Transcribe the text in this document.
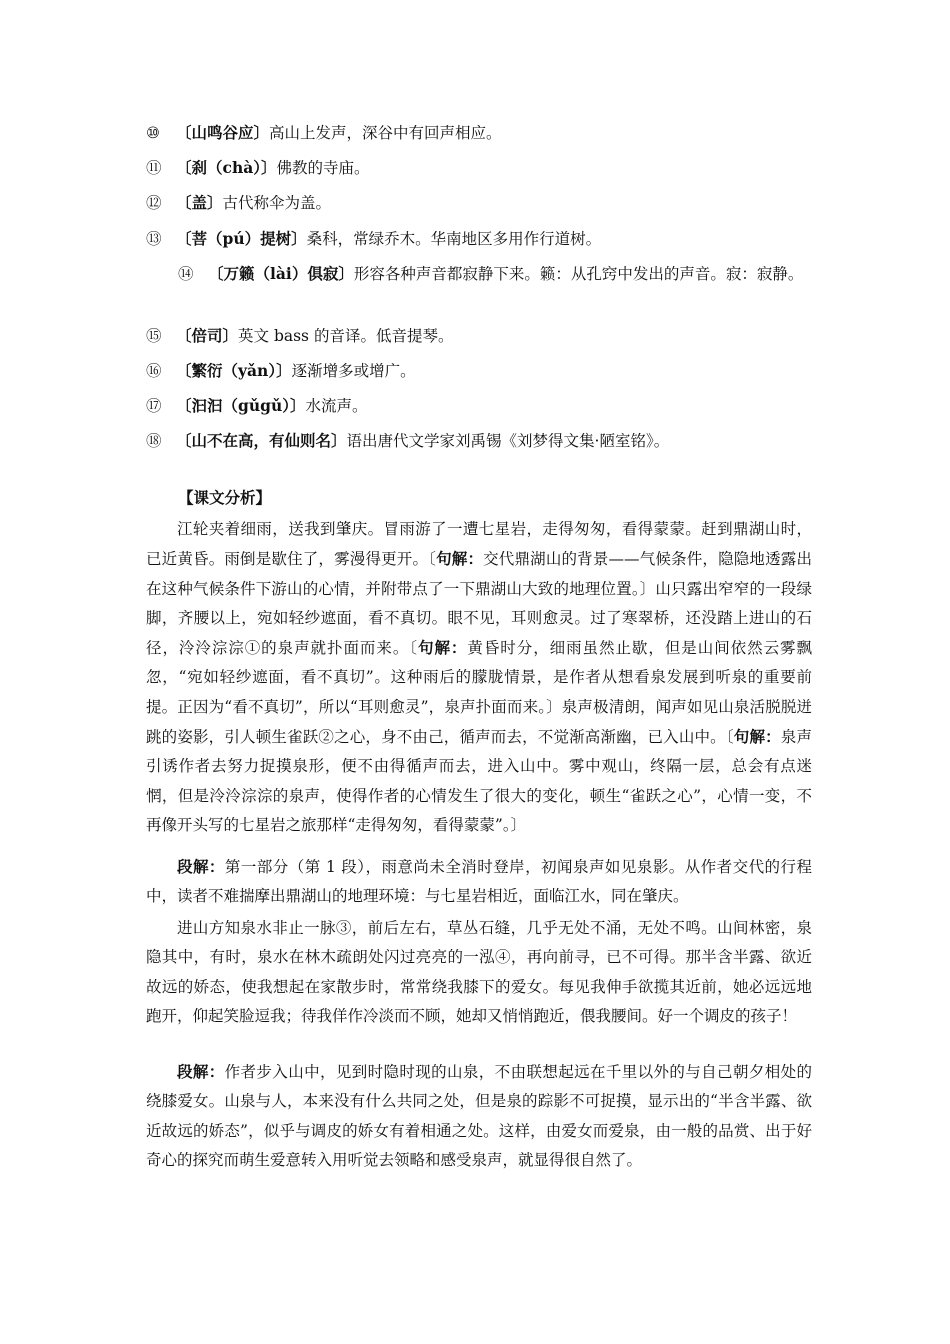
⑩ 〔山鸣谷应〕高山上发声，深谷中有回声相应。

⑪ 〔刹（chà）〕佛教的寺庙。

⑫ 〔盖〕古代称伞为盖。

⑬ 〔菩（pú）提树〕桑科，常绿乔木。华南地区多用作行道树。

⑭ 〔万籁（lài）俱寂〕形容各种声音都寂静下来。籁：从孔窍中发出的声音。寂：寂静。

⑮ 〔倍司〕英文 bass 的音译。低音提琴。

⑯ 〔繁衍（yǎn）〕逐渐增多或增广。

⑰ 〔汩汩（gǔgǔ）〕水流声。

⑱ 〔山不在高，有仙则名〕语出唐代文学家刘禹锡《刘梦得文集·陋室铭》。

【课文分析】

江轮夹着细雨，送我到肇庆。冒雨游了一遭七星岩，走得匆匆，看得蒙蒙。赶到鼎湖山时，已近黄昏。雨倒是歇住了，雾漫得更开。〔句解：交代鼎湖山的背景——气候条件，隐隐地透露出在这种气候条件下游山的心情，并附带点了一下鼎湖山大致的地理位置。〕山只露出窄窄的一段绿脚，齐腰以上，宛如轻纱遮面，看不真切。眼不见，耳则愈灵。过了寒翠桥，还没踏上进山的石径，泠泠淙淙①的泉声就扑面而来。〔句解：黄昏时分，细雨虽然止歇，但是山间依然云雾飘忽，“宛如轻纱遮面，看不真切”。这种雨后的朦胧情景，是作者从想看泉发展到听泉的重要前提。正因为“看不真切”，所以“耳则愈灵”，泉声扑面而来。〕泉声极清朗，闻声如见山泉活脱脱迸跳的姿影，引人顿生雀跃②之心，身不由己，循声而去，不觉渐高渐幽，已入山中。〔句解：泉声引诱作者去努力捉摸泉形，便不由得循声而去，进入山中。雾中观山，终隔一层，总会有点迷惘，但是泠泠淙淙的泉声，使得作者的心情发生了很大的变化，顿生“雀跃之心”，心情一变，不再像开头写的七星岩之旅那样“走得匆匆，看得蒙蒙”。〕

段解：第一部分（第 1 段），雨意尚未全消时登岸，初闻泉声如见泉影。从作者交代的行程中，读者不难揣摩出鼎湖山的地理环境：与七星岩相近，面临江水，同在肇庆。

进山方知泉水非止一脉③，前后左右，草丛石缝，几乎无处不涌，无处不鸣。山间林密，泉隐其中，有时，泉水在林木疏朗处闪过亮亮的一泓④，再向前寻，已不可得。那半含半露、欲近故远的娇态，使我想起在家散步时，常常绕我膝下的爱女。每见我伸手欲揽其近前，她必远远地跑开，仰起笑脸逗我；待我佯作冷淡而不顾，她却又悄悄跑近，偎我腰间。好一个调皮的孩子！

段解：作者步入山中，见到时隐时现的山泉，不由联想起远在千里以外的与自己朝夕相处的绕膝爱女。山泉与人，本来没有什么共同之处，但是泉的踪影不可捉摸，显示出的“半含半露、欲近故远的娇态”，似乎与调皮的娇女有着相通之处。这样，由爱女而爱泉，由一般的品赏、出于好奇心的探究而萌生爱意转入用听觉去领略和感受泉声，就显得很自然了。
